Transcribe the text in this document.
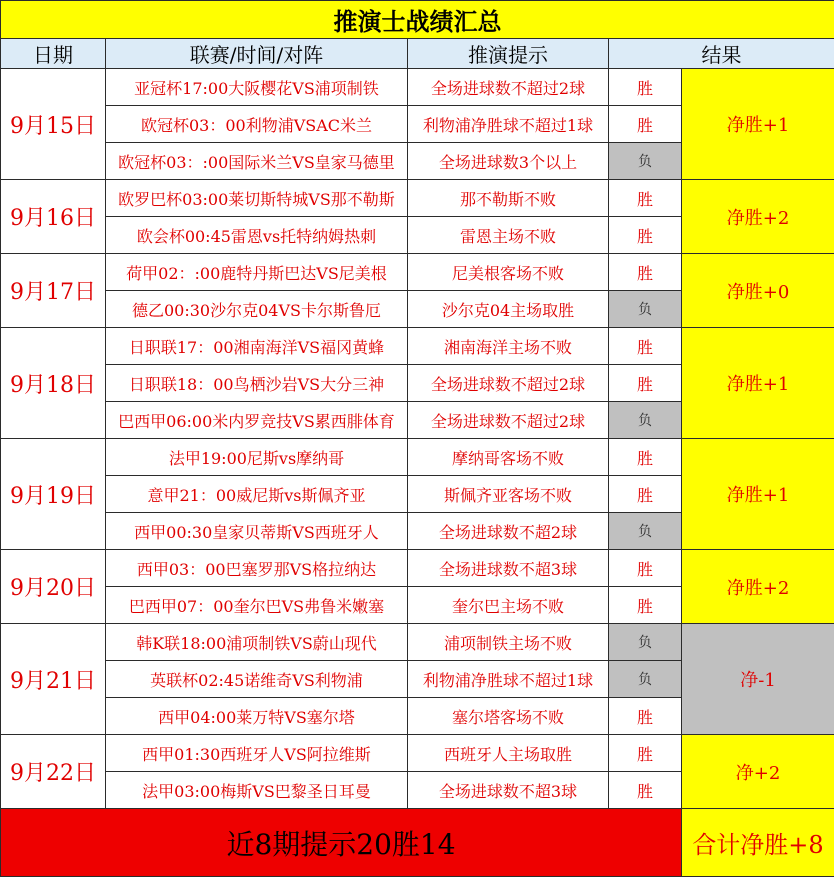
推演士战绩汇总				
日期	联赛/时间/对阵	推演提示	结果	
9月15日	亚冠杯17:00大阪樱花VS浦项制铁	全场进球数不超过2球	胜	净胜+1
	欧冠杯03：00利物浦VSAC米兰	利物浦净胜球不超过1球	胜	
	欧冠杯03：:00国际米兰VS皇家马德里	全场进球数3个以上	负	
9月16日	欧罗巴杯03:00莱切斯特城VS那不勒斯	那不勒斯不败	胜	净胜+2
	欧会杯00:45雷恩vs托特纳姆热刺	雷恩主场不败	胜	
9月17日	荷甲02：:00鹿特丹斯巴达VS尼美根	尼美根客场不败	胜	净胜+0
	德乙00:30沙尔克04VS卡尔斯鲁厄	沙尔克04主场取胜	负	
9月18日	日职联17：00湘南海洋VS福冈黄蜂	湘南海洋主场不败	胜	净胜+1
	日职联18：00鸟栖沙岩VS大分三神	全场进球数不超过2球	胜	
	巴西甲06:00米内罗竞技VS累西腓体育	全场进球数不超过2球	负	
9月19日	法甲19:00尼斯vs摩纳哥	摩纳哥客场不败	胜	净胜+1
	意甲21：00威尼斯vs斯佩齐亚	斯佩齐亚客场不败	胜	
	西甲00:30皇家贝蒂斯VS西班牙人	全场进球数不超2球	负	
9月20日	西甲03：00巴塞罗那VS格拉纳达	全场进球数不超3球	胜	净胜+2
	巴西甲07：00奎尔巴VS弗鲁米嫩塞	奎尔巴主场不败	胜	
9月21日	韩K联18:00浦项制铁VS蔚山现代	浦项制铁主场不败	负	净-1
	英联杯02:45诺维奇VS利物浦	利物浦净胜球不超过1球	负	
	西甲04:00莱万特VS塞尔塔	塞尔塔客场不败	胜	
9月22日	西甲01:30西班牙人VS阿拉维斯	西班牙人主场取胜	胜	净+2
	法甲03:00梅斯VS巴黎圣日耳曼	全场进球数不超3球	胜	
近8期提示20胜14				合计净胜+8
